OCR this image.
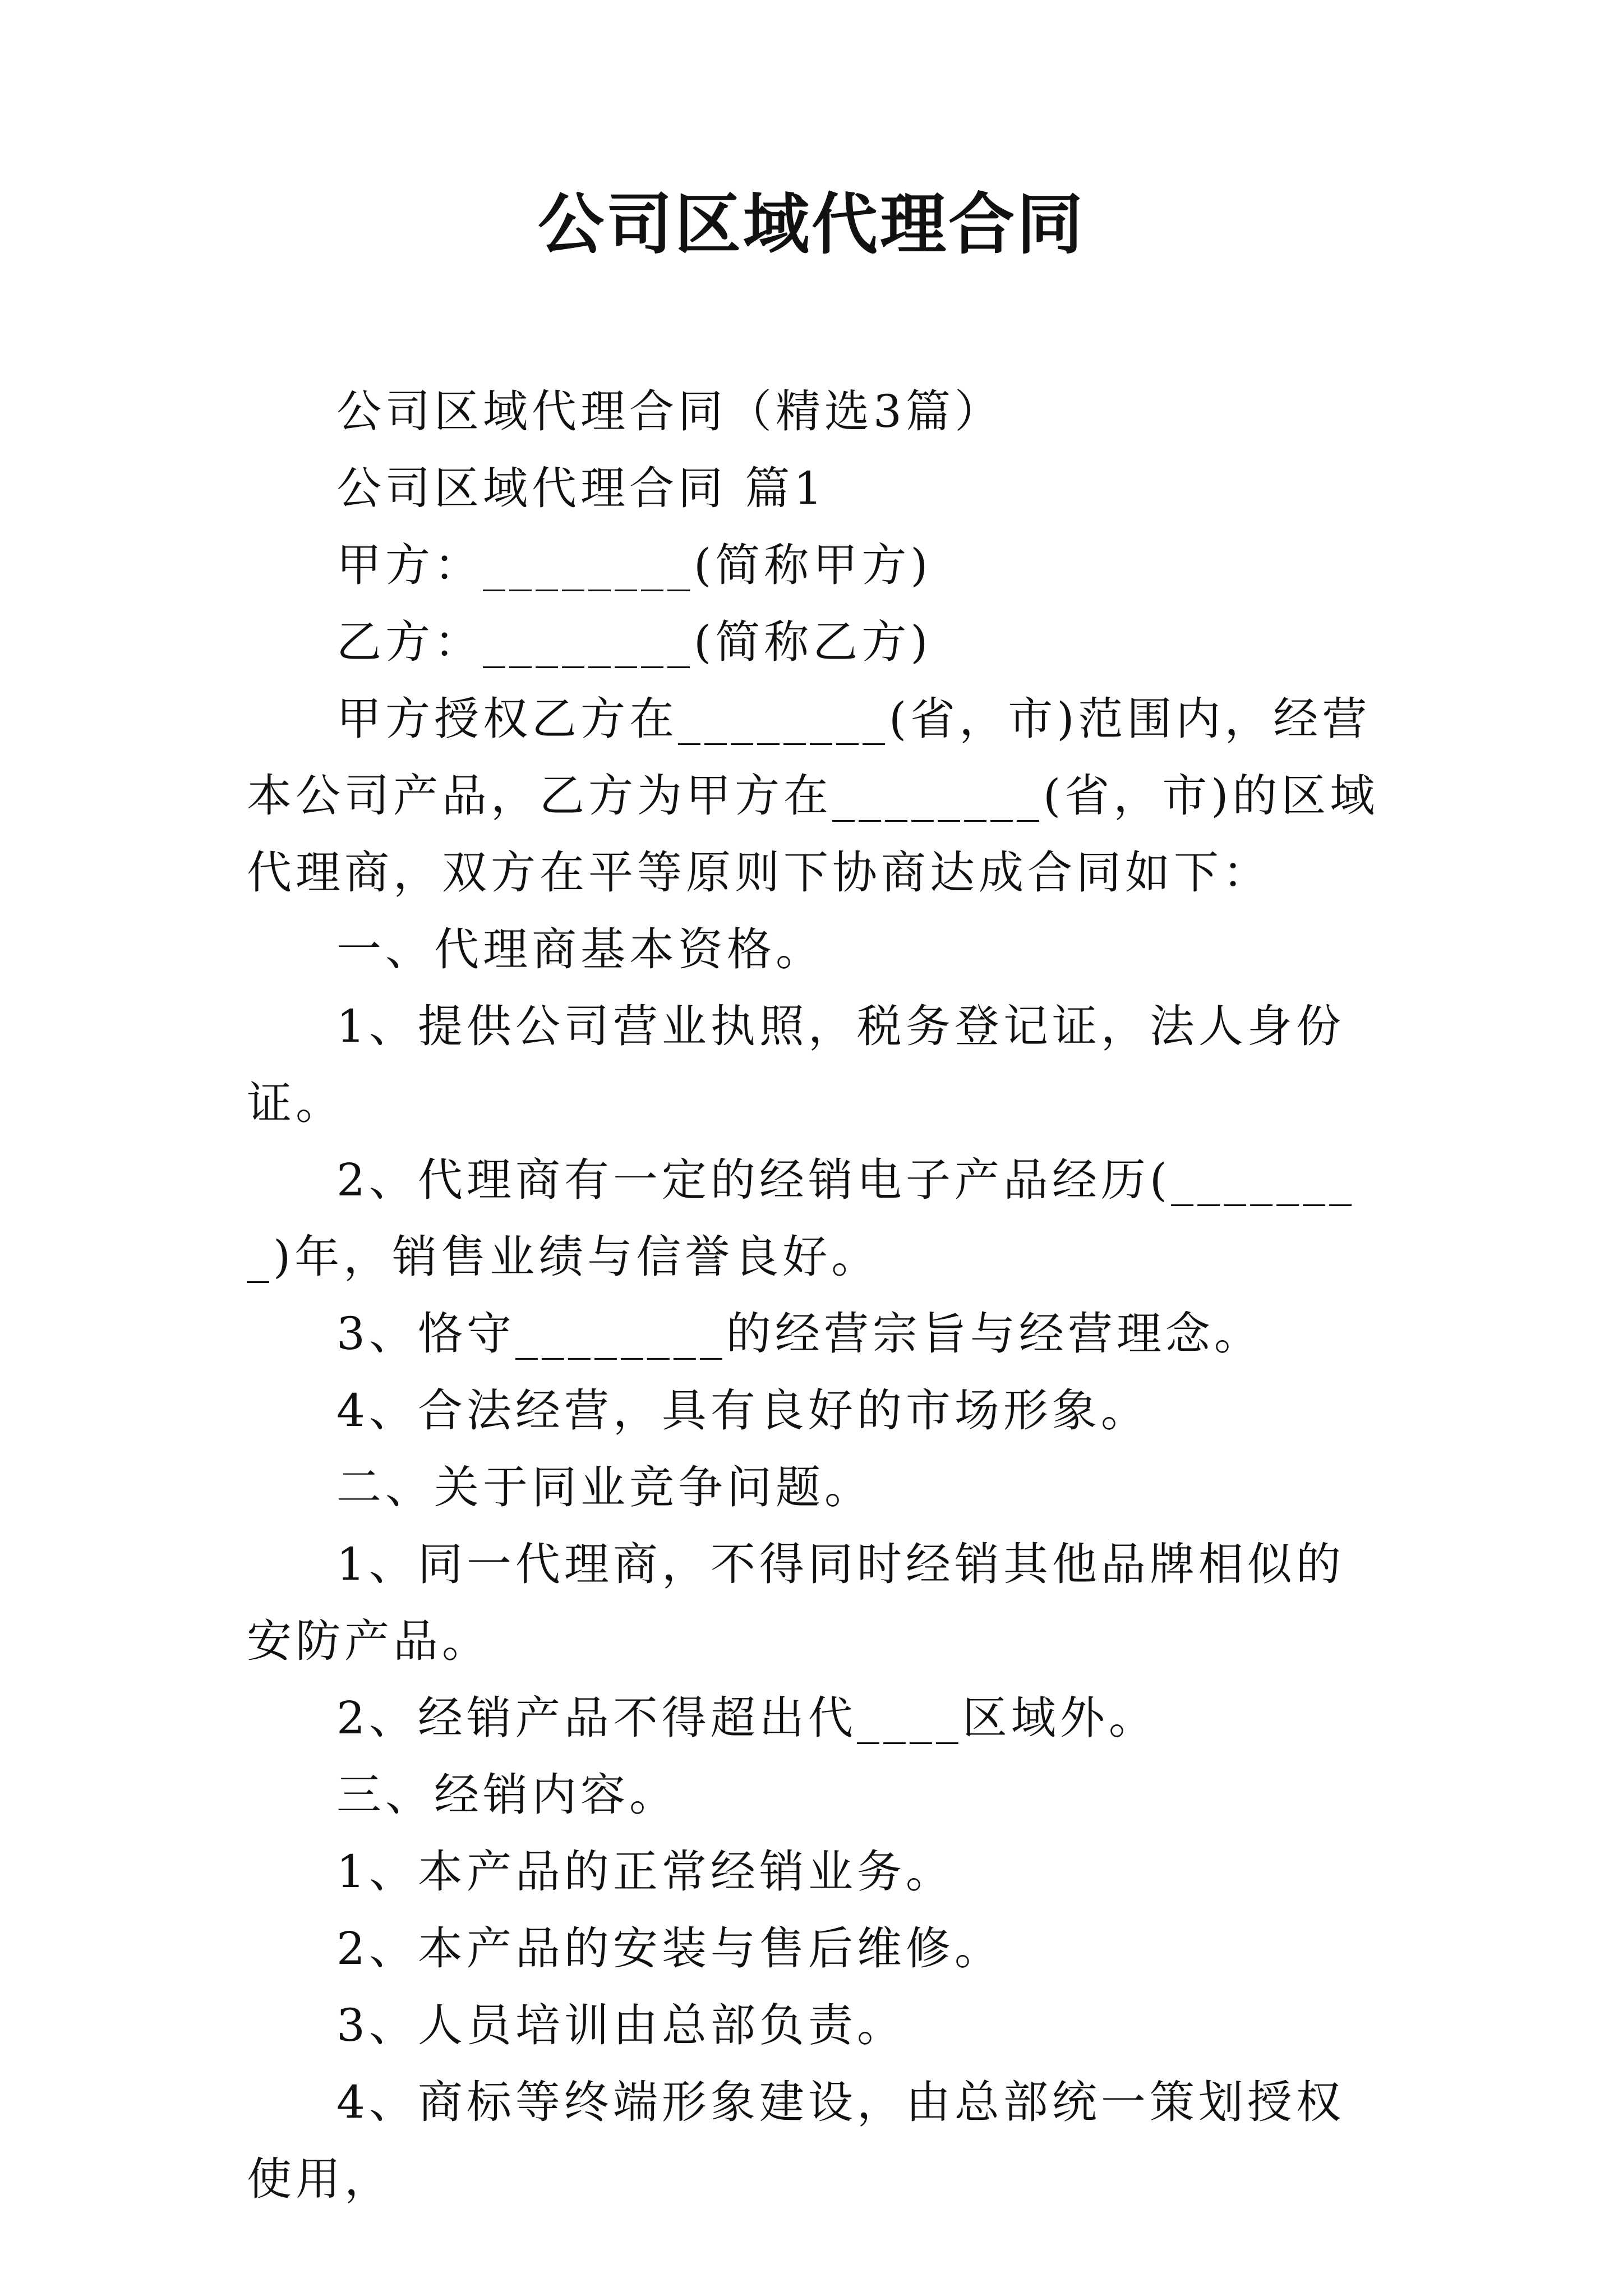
公司区域代理合同

公司区域代理合同（精选3篇）

公司区域代理合同 篇1

甲方：________(简称甲方)

乙方：________(简称乙方)

甲方授权乙方在________(省，市)范围内，经营本公司产品，乙方为甲方在________(省，市)的区域代理商，双方在平等原则下协商达成合同如下：

一、代理商基本资格。

1、提供公司营业执照，税务登记证，法人身份证。

2、代理商有一定的经销电子产品经历(________)年，销售业绩与信誉良好。

3、恪守________的经营宗旨与经营理念。

4、合法经营，具有良好的市场形象。

二、关于同业竞争问题。

1、同一代理商，不得同时经销其他品牌相似的安防产品。

2、经销产品不得超出代____区域外。

三、经销内容。

1、本产品的正常经销业务。

2、本产品的安装与售后维修。

3、人员培训由总部负责。

4、商标等终端形象建设，由总部统一策划授权使用，
